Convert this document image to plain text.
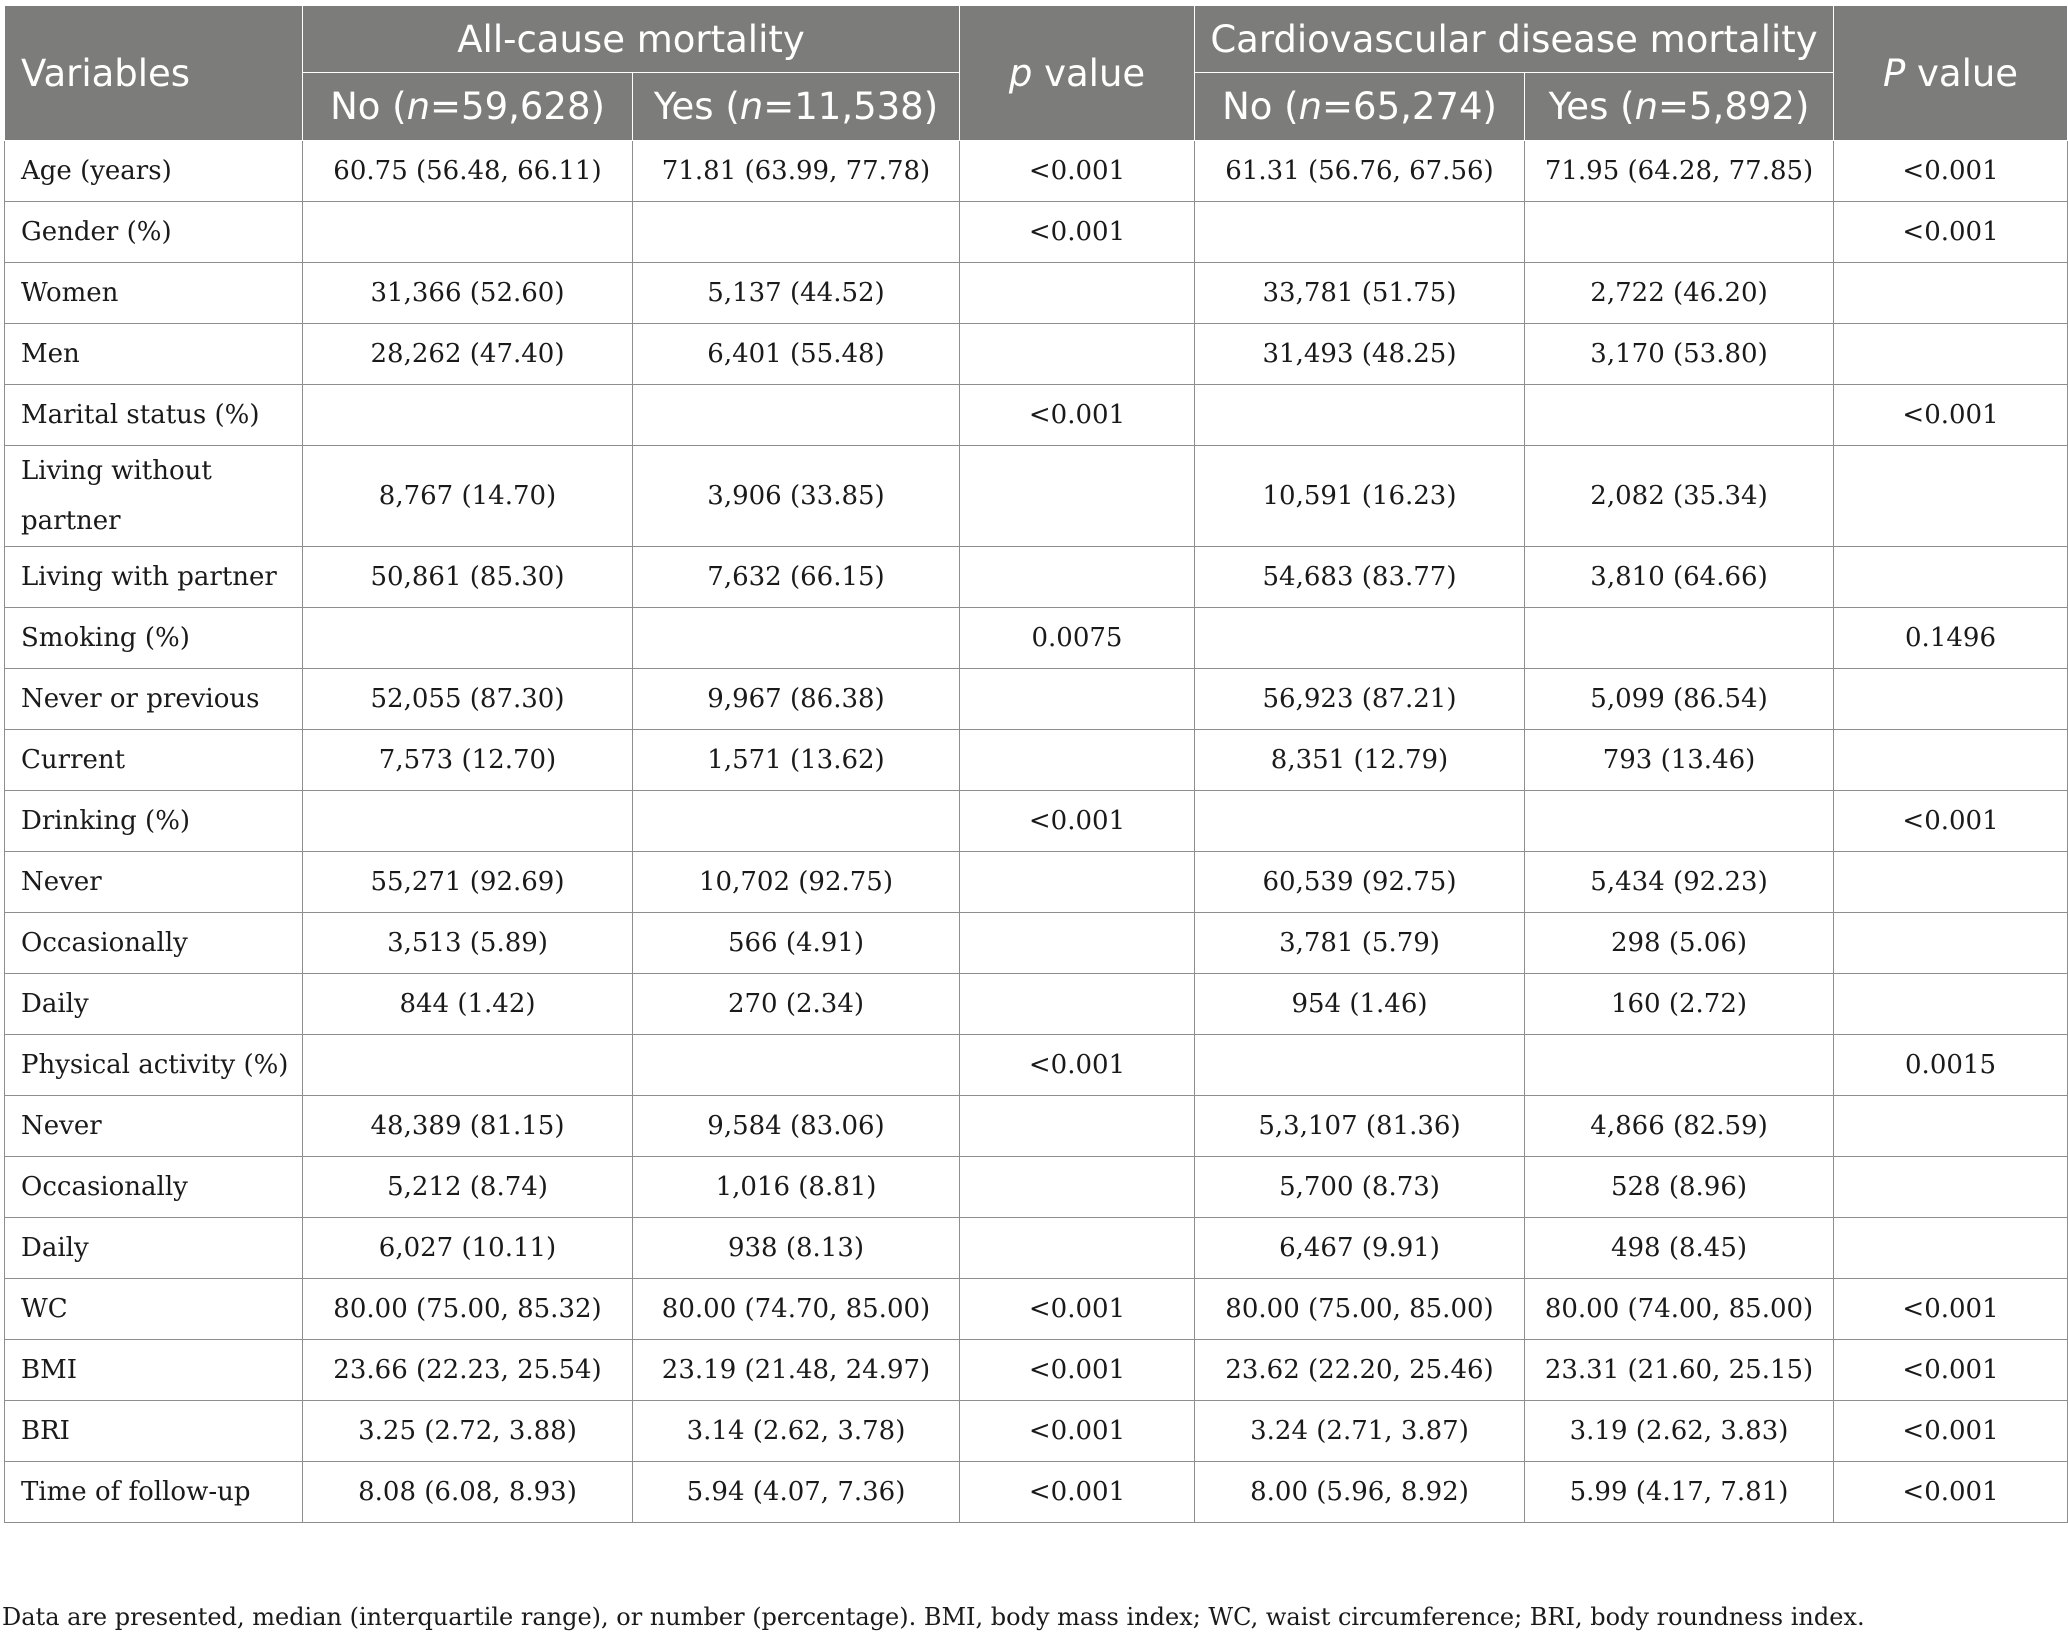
Variables	All-cause mortality		p value	Cardiovascular disease mortality		P value
	No (n=59,628)	Yes (n=11,538)		No (n=65,274)	Yes (n=5,892)	
Age (years)	60.75 (56.48, 66.11)	71.81 (63.99, 77.78)	<0.001	61.31 (56.76, 67.56)	71.95 (64.28, 77.85)	<0.001
Gender (%)			<0.001			<0.001
Women	31,366 (52.60)	5,137 (44.52)		33,781 (51.75)	2,722 (46.20)	
Men	28,262 (47.40)	6,401 (55.48)		31,493 (48.25)	3,170 (53.80)	
Marital status (%)			<0.001			<0.001
Living without partner	8,767 (14.70)	3,906 (33.85)		10,591 (16.23)	2,082 (35.34)	
Living with partner	50,861 (85.30)	7,632 (66.15)		54,683 (83.77)	3,810 (64.66)	
Smoking (%)			0.0075			0.1496
Never or previous	52,055 (87.30)	9,967 (86.38)		56,923 (87.21)	5,099 (86.54)	
Current	7,573 (12.70)	1,571 (13.62)		8,351 (12.79)	793 (13.46)	
Drinking (%)			<0.001			<0.001
Never	55,271 (92.69)	10,702 (92.75)		60,539 (92.75)	5,434 (92.23)	
Occasionally	3,513 (5.89)	566 (4.91)		3,781 (5.79)	298 (5.06)	
Daily	844 (1.42)	270 (2.34)		954 (1.46)	160 (2.72)	
Physical activity (%)			<0.001			0.0015
Never	48,389 (81.15)	9,584 (83.06)		5,3,107 (81.36)	4,866 (82.59)	
Occasionally	5,212 (8.74)	1,016 (8.81)		5,700 (8.73)	528 (8.96)	
Daily	6,027 (10.11)	938 (8.13)		6,467 (9.91)	498 (8.45)	
WC	80.00 (75.00, 85.32)	80.00 (74.70, 85.00)	<0.001	80.00 (75.00, 85.00)	80.00 (74.00, 85.00)	<0.001
BMI	23.66 (22.23, 25.54)	23.19 (21.48, 24.97)	<0.001	23.62 (22.20, 25.46)	23.31 (21.60, 25.15)	<0.001
BRI	3.25 (2.72, 3.88)	3.14 (2.62, 3.78)	<0.001	3.24 (2.71, 3.87)	3.19 (2.62, 3.83)	<0.001
Time of follow-up	8.08 (6.08, 8.93)	5.94 (4.07, 7.36)	<0.001	8.00 (5.96, 8.92)	5.99 (4.17, 7.81)	<0.001
Data are presented, median (interquartile range), or number (percentage). BMI, body mass index; WC, waist circumference; BRI, body roundness index.
